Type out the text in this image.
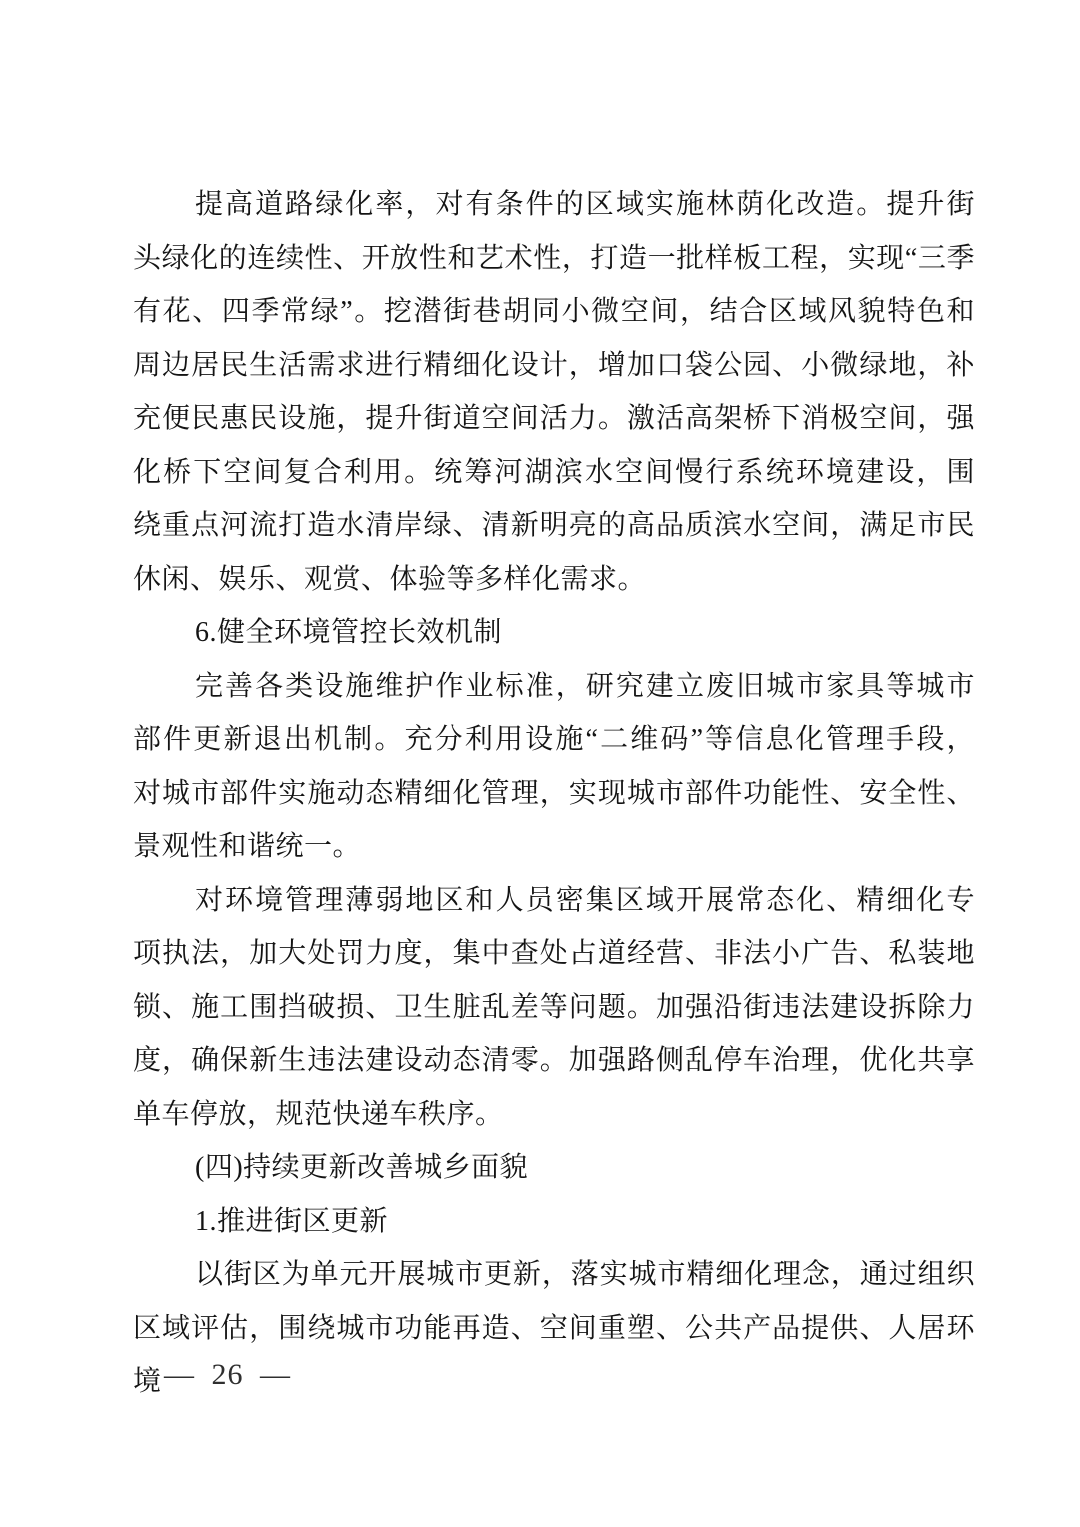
提高道路绿化率，对有条件的区域实施林荫化改造。提升街
头绿化的连续性、开放性和艺术性，打造一批样板工程，实现“三季
有花、四季常绿”。挖潜街巷胡同小微空间，结合区域风貌特色和
周边居民生活需求进行精细化设计，增加口袋公园、小微绿地，补
充便民惠民设施，提升街道空间活力。激活高架桥下消极空间，强
化桥下空间复合利用。统筹河湖滨水空间慢行系统环境建设，围
绕重点河流打造水清岸绿、清新明亮的高品质滨水空间，满足市民
休闲、娱乐、观赏、体验等多样化需求。
6.健全环境管控长效机制
完善各类设施维护作业标准，研究建立废旧城市家具等城市
部件更新退出机制。充分利用设施“二维码”等信息化管理手段，
对城市部件实施动态精细化管理，实现城市部件功能性、安全性、
景观性和谐统一。
对环境管理薄弱地区和人员密集区域开展常态化、精细化专
项执法，加大处罚力度，集中查处占道经营、非法小广告、私装地
锁、施工围挡破损、卫生脏乱差等问题。加强沿街违法建设拆除力
度，确保新生违法建设动态清零。加强路侧乱停车治理，优化共享
单车停放，规范快递车秩序。
(四)持续更新改善城乡面貌
1.推进街区更新
以街区为单元开展城市更新，落实城市精细化理念，通过组织
区域评估，围绕城市功能再造、空间重塑、公共产品提供、人居环境 — 26 —
